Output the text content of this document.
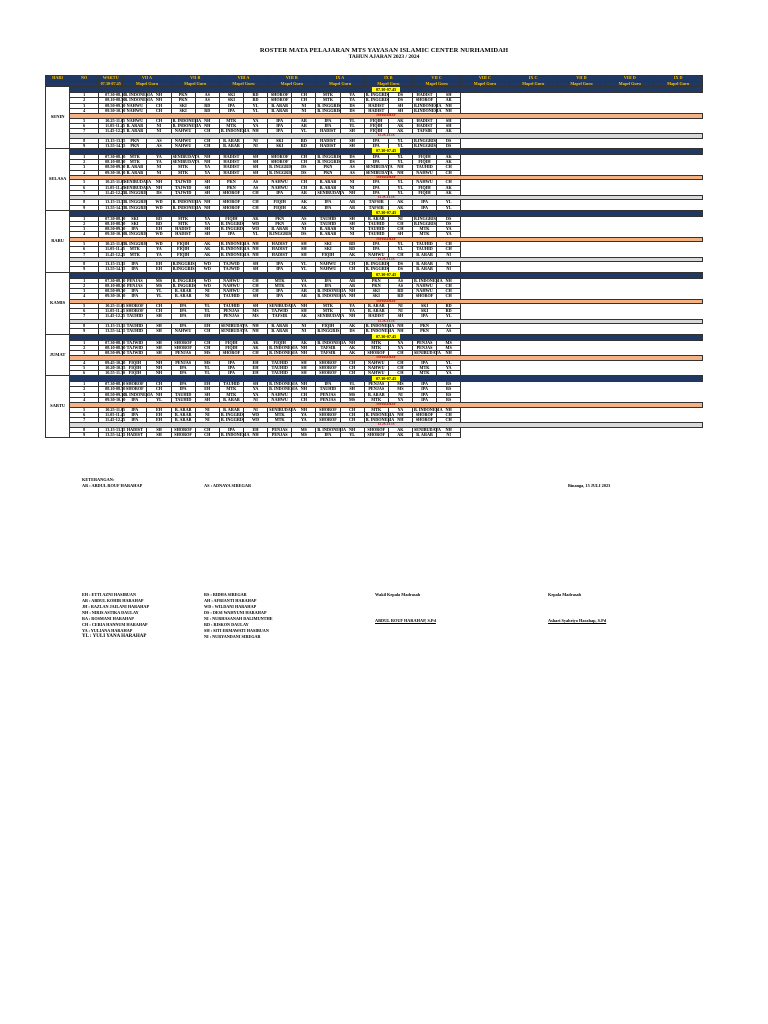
ROSTER MATA PELAJARAN MTS YAYASAN ISLAMIC CENTER NURHAMIDAH
TAHUN AJARAN 2023 / 2024
HARI	NO	WAKTU	VII A		VII B		VIII A		VIII B		IX A		IX B		VII C		VIII C	IX C	VII D	VIII D	IX D
		07.30-07.45	Mapel Guru		Mapel Guru		Mapel Guru		Mapel Guru		Mapel Guru		Mapel Guru		Mapel Guru		Mapel Guru	Mapel Guru	Mapel Guru	Mapel Guru	Mapel Guru
SENIN	07.30-07.45																				
	1	07.30-08.10	B. INDONESIA	NH	PKN	AS	SKI	RD	SHOROF	CH	MTK	YA	B. INGGRIS	DS	HADIST	SH					
	2	08.10-08.50	B. INDONESIA	NH	PKN	AS	SKI	RD	SHOROF	CH	MTK	YA	B. INGGRIS	DS	SHOROF	AR					
	3	08.50-09.30	NAHWU	CH	SKI	RD	IPA	YL	B. ARAB	NI	B. INGGRIS	DS	HADIST	SH	B.INDONESIA	NH					
	4	09.30-10.10	NAHWU	CH	SKI	RD	IPA	YL	B. ARAB	NI	B. INGGRIS	DS	HADIST	SH	B.INDONESIA	NH					
	ISTIRAHAT																				
	5	10.25-11.05	NAHWU	CH	B. INDONESIA	NH	MTK	YA	IPA	AR	IPA	YL	FIQIH	AK	HADIST	SH					
	6	11.05-11.45	B. ARAB	NI	B. INDONESIA	NH	MTK	YA	IPA	AR	IPA	YL	FIQIH	AK	HADIST	SH					
	7	11.45-12.25	B. ARAB	NI	NAHWU	CH	B. INDONESIA	NH	IPA	YL	HADIST	SH	FIQIH	AK	TAFSIR	AK					
	12.25-13.15																				
	8	13.15-13.55	PKN	AS	NAHWU	CH	B. ARAB	NI	SKI	RD	HADIST	SH	IPA	YL	B.INGGRIS	DS					
	9	13.55-14.35	PKN	AS	NAHWU	CH	B. ARAB	NI	SKI	RD	HADIST	SH	IPA	YL	B.INGGRIS	DS					
SELASA	07.30-07.45																				
	1	07.30-08.10	MTK	YA	SENIBUDAYA	NH	HADIST	SH	SHOROF	CH	B. INGGRIS	DS	IPA	YL	FIQIH	AK					
	2	08.10-08.50	MTK	YA	SENIBUDAYA	NH	HADIST	SH	SHOROF	CH	B. INGGRIS	DS	IPA	YL	FIQIH	AK					
	3	08.50-09.30	B. ARAB	NI	MTK	YA	HADIST	SH	B. INGGRIS	DS	PKN	AS	SENIBUDAYA	NH	TAUHID	CH					
	4	09.30-10.10	B. ARAB	NI	MTK	YA	HADIST	SH	B. INGGRIS	DS	PKN	AS	SENIBUDAYA	NH	NAHWU	CH					
	ISTIRAHAT																				
	5	10.25-11.05	SENIBUDAYA	NH	TAJWID	SH	PKN	AS	NAHWU	CH	B. ARAB	NI	IPA	YL	NAHWU	CH					
	6	11.05-11.45	SENIBUDAYA	NH	TAJWID	SH	PKN	AS	NAHWU	CH	B. ARAB	NI	IPA	YL	FIQIH	AK					
	7	11.45-12.25	B. INGGRIS	DS	TAJWID	SH	SHOROF	CH	IPA	AR	SENIBUDAYA	NH	IPA	YL	FIQIH	AK					
	12.25-13.15																				
	8	13.15-13.55	B. INGGRIS	WD	B. INDONESIA	NH	SHOROF	CH	FIQIH	AK	IPA	AR	TAFSIR	AK	IPA	YL					
	9	13.55-14.35	B. INGGRIS	WD	B. INDONESIA	NH	SHOROF	CH	FIQIH	AK	IPA	AR	TAFSIR	AK	IPA	YL					
RABU	07.30-07.45																				
	1	07.30-08.10	SKI	RD	MTK	YA	FIQIH	AK	PKN	AS	TAUHID	SH	B. ARAB	NI	B.INGGRIS	DS					
	2	08.10-08.50	SKI	RD	MTK	YA	B. INGGRIS	WD	PKN	AS	TAUHID	SH	TAUHID	CH	B.INGGRIS	DS					
	3	08.50-09.30	IPA	EH	HADIST	SH	B. INGGRIS	WD	B. ARAB	NI	B. ARAB	NI	TAUHID	CH	MTK	YA					
	4	09.30-10.10	B. INGGRIS	WD	HADIST	SH	IPA	YL	B.INGGRIS	DS	B. ARAB	NI	TAUHID	SH	MTK	YA					
	ISTIRAHAT																				
	5	10.25-11.05	B. INGGRIS	WD	FIQIH	AK	B. INDONESIA	NH	HADIST	SH	SKI	RD	IPA	YL	TAUHID	CH					
	6	11.05-11.45	MTK	YA	FIQIH	AK	B. INDONESIA	NH	HADIST	SH	SKI	RD	IPA	YL	TAUHID	CH					
	7	11.45-12.25	MTK	YA	FIQIH	AK	B. INDONESIA	NH	HADIST	SH	FIQIH	AK	NAHWU	CH	B. ARAB	NI					
	12.25-13.15																				
	8	13.15-13.55	IPA	EH	B.INGGRIS	WD	TAJWID	SH	IPA	YL	NAHWU	CH	B. INGGRIS	DS	B. ARAB	NI					
	9	13.55-14.35	IPA	EH	B.INGGRIS	WD	TAJWID	SH	IPA	YL	NAHWU	CH	B. INGGRIS	DS	B. ARAB	NI					
KAMIS	07.30-07.45																				
	1	07.30-08.10	PENJAS	MS	B. INGGRIS	WD	NAHWU	CH	MTK	YA	IPA	AR	PKN	AS	B. INDONESIA	NH					
	2	08.10-08.50	PENJAS	MS	B. INGGRIS	WD	NAHWU	CH	MTK	YA	IPA	AR	PKN	AS	NAHWU	CH					
	3	08.50-09.30	IPA	YL	B. ARAB	NI	NAHWU	CH	IPA	AR	B. INDONESIA	NH	SKI	RD	NAHWU	CH					
	4	09.30-10.10	IPA	YL	B. ARAB	NI	TAUHID	SH	IPA	AR	B. INDONESIA	NH	SKI	RD	SHOROF	CH					
	ISTIRAHAT																				
	5	10.25-11.05	SHOROF	CH	IPA	YL	TAUHID	SH	SENIBUDAYA	NH	MTK	YA	B. ARAB	NI	SKI	RD					
	6	11.05-11.45	SHOROF	CH	IPA	YL	PENJAS	MS	TAJWID	SH	MTK	YA	B. ARAB	NI	SKI	RD					
	7	11.45-12.25	TAUHID	SH	IPA	EH	PENJAS	MS	TAFSIR	AK	SENIBUDAYA	NH	HADIST	SH	IPA	YL					
	12.25-13.15																				
	8	13.15-13.55	TAUHID	SH	IPA	EH	SENIBUDAYA	NH	B. ARAB	NI	FIQIH	AK	B. INDONESIA	NH	PKN	AS					
	9	13.55-14.35	TAUHID	SH	NAHWU	CH	SENIBUDAYA	NH	B. ARAB	NI	B.INGGRIS	DS	B. INDONESIA	NH	PKN	AS					
JUMAT	07.30-07.45																				
	1	07.30-08.10	TAJWID	SH	SHOROF	CH	FIQIH	AK	FIQIH	AK	B. INDONESIA	NH	MTK	YA	PENJAS	MS					
	2	08.10-08.50	TAJWID	SH	SHOROF	CH	FIQIH	AK	B. INDONESIA	NH	TAFSIR	AK	MTK	YA	PENJAS	MS					
	3	08.50-09.30	TAJWID	SH	PENJAS	MS	SHOROF	CH	B. INDONESIA	NH	TAFSIR	AK	SHOROF	CH	SENIBUDAYA	NH					
	ISTIRAHAT																				
	4	09.45-10.20	FIQIH	NH	PENJAS	MS	IPA	EH	TAUHID	SH	SHOROF	CH	NAHWU	CH	IPA	YL					
	5	10.20-10.55	FIQIH	NH	IPA	YL	IPA	EH	TAUHID	SH	SHOROF	CH	NAHWU	CH	MTK	YA					
	6	10.55-11.30	FIQIH	NH	IPA	YL	IPA	EH	TAUHID	SH	SHOROF	CH	NAHWU	CH	MTK	YA					
SABTU	07.30-07.45																				
	1	07.30-08.10	SHOROF	CH	IPA	EH	TAUHID	SH	B. INDONESIA	NH	IPA	YL	PENJAS	MS	IPA	RS					
	2	08.10-08.50	SHOROF	CH	IPA	EH	MTK	YA	B. INDONESIA	NH	TAUHID	SH	PENJAS	MS	IPA	RS					
	3	08.50-09.30	B. INDONESIA	NH	TAUHID	SH	MTK	YA	NAHWU	CH	PENJAS	MS	B. ARAB	NI	IPA	RS					
	4	09.30-10.10	IPA	YL	TAUHID	SH	B. ARAB	NI	NAHWU	CH	PENJAS	MS	MTK	YA	IPA	RS					
	ISTIRAHAT																				
	5	10.25-11.05	IPA	EH	B. ARAB	NI	B. ARAB	NI	SENIBUDAYA	NH	SHOROF	CH	MTK	YA	B. INDONESIA	NH					
	6	11.05-11.45	IPA	EH	B. ARAB	NI	B. INGGRIS	WD	MTK	YA	SHOROF	CH	B. INDONESIA	NH	SHOROF	CH					
	7	11.45-12.25	IPA	EH	B. ARAB	NI	B. INGGRIS	WD	MTK	YA	SHOROF	CH	B. INDONESIA	NH	SHOROF	CH					
	12.25-13.15																				
	8	13.15-13.55	HADIST	SH	SHOROF	CH	IPA	EH	PENJAS	MS	B. INDONESIA	NH	SHOROF	AK	SENIBUDAYA	NH					
	9	13.55-14.35	HADIST	SH	SHOROF	CH	B. INDONESIA	NH	PENJAS	MS	IPA	YL	SHOROF	AK	B. ARAB	NI					
KETERANGAN:
AR : ABDUL ROUF HARAHAP	AS : ADNAYA SIREGAR	Binanga, 15 JULI 2023
EH : ETTI AZNI HASIBUAN
AR : ABDUL KOHIR HARAHAP
JH : RAZLAN JAILANI HARAHAP
NH : NIRIS ASTIKA DAULAY
RA : ROSMANI HARAHAP
CH : CERIA HANNUM HARAHAP
YA : YULIANA HARAHAP
YL : YULI YANA HARAHAP
RS : RIDHA SIREGAR
AH : AFRIANTI HARAHAP
WD : WILDANI HARAHAP
DS : DESI WAHYUNI HARAHAP
NI : NURHASANAH DALIMUNTHE
RD : RISKON DAULAY
SH : SITI ERMAWATI HASIBUAN
NI : NURYANDANI SIREGAR
Wakil Kepala Madrasah	Kepala Madrasah
ABDUL ROUF HARAHAP, S.Pd	Ashari Syahriyo Harahap, S.Pd
